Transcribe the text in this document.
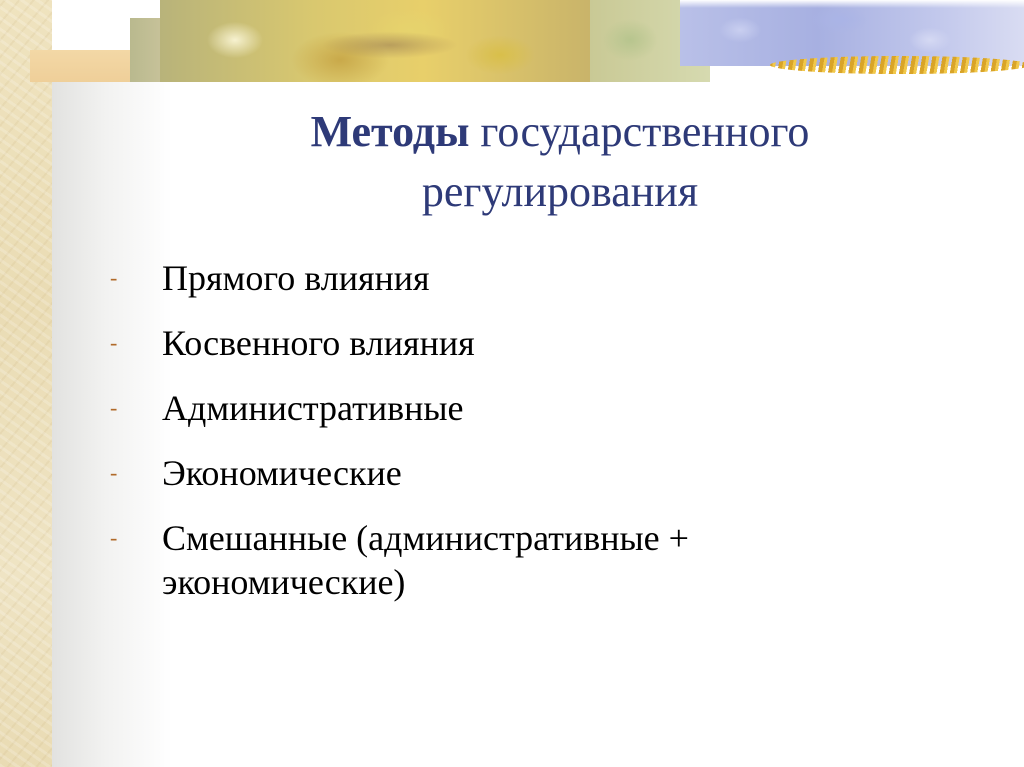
Методы государственного
регулирования
-	Прямого влияния
-	Косвенного влияния
-	Административные
-	Экономические
-	Смешанные (административные + экономические)
